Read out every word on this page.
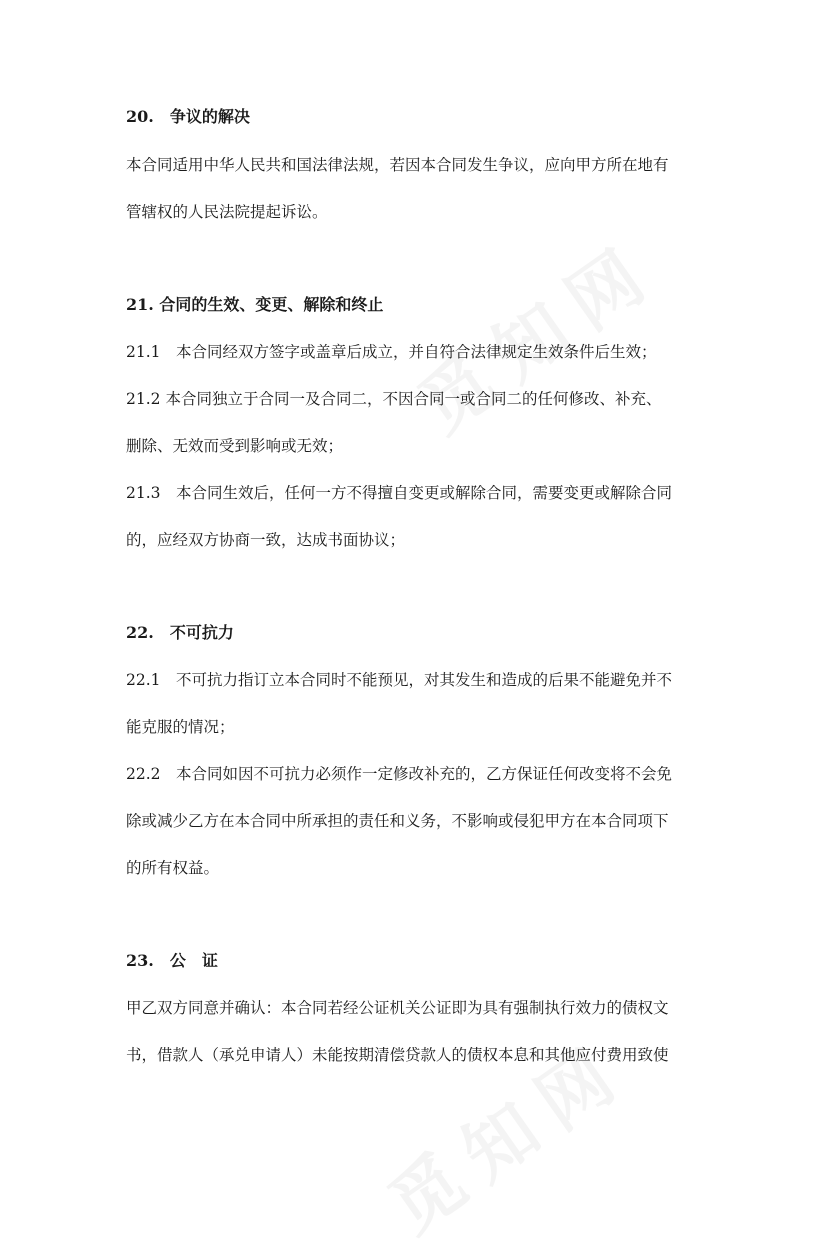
20.　争议的解决
本合同适用中华人民共和国法律法规，若因本合同发生争议，应向甲方所在地有
管辖权的人民法院提起诉讼。
21. 合同的生效、变更、解除和终止
21.1　本合同经双方签字或盖章后成立，并自符合法律规定生效条件后生效；
21.2 本合同独立于合同一及合同二，不因合同一或合同二的任何修改、补充、
删除、无效而受到影响或无效；
21.3　本合同生效后，任何一方不得擅自变更或解除合同，需要变更或解除合同
的，应经双方协商一致，达成书面协议；
22.　不可抗力
22.1　不可抗力指订立本合同时不能预见，对其发生和造成的后果不能避免并不
能克服的情况；
22.2　本合同如因不可抗力必须作一定修改补充的，乙方保证任何改变将不会免
除或减少乙方在本合同中所承担的责任和义务，不影响或侵犯甲方在本合同项下
的所有权益。
23.　公　证
甲乙双方同意并确认：本合同若经公证机关公证即为具有强制执行效力的债权文
书，借款人（承兑申请人）未能按期清偿贷款人的债权本息和其他应付费用致使
